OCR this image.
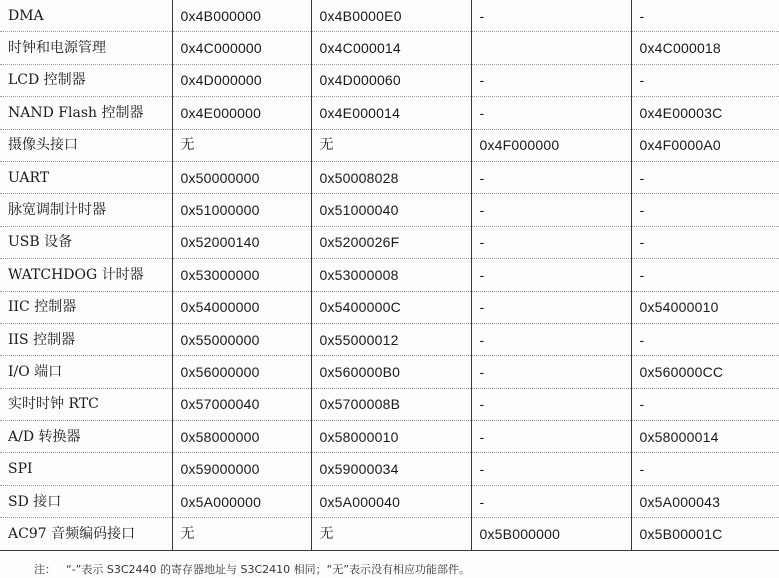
DMA	0x4B000000	0x4B0000E0	-	-
时钟和电源管理	0x4C000000	0x4C000014		0x4C000018
LCD 控制器	0x4D000000	0x4D000060	-	-
NAND Flash 控制器	0x4E000000	0x4E000014	-	0x4E00003C
摄像头接口	无	无	0x4F000000	0x4F0000A0
UART	0x50000000	0x50008028	-	-
脉宽调制计时器	0x51000000	0x51000040	-	-
USB 设备	0x52000140	0x5200026F	-	-
WATCHDOG 计时器	0x53000000	0x53000008	-	-
IIC 控制器	0x54000000	0x5400000C	-	0x54000010
IIS 控制器	0x55000000	0x55000012	-	-
I/O 端口	0x56000000	0x560000B0	-	0x560000CC
实时时钟 RTC	0x57000040	0x5700008B	-	-
A/D 转换器	0x58000000	0x58000010	-	0x58000014
SPI	0x59000000	0x59000034	-	-
SD 接口	0x5A000000	0x5A000040	-	0x5A000043
AC97 音频编码接口	无	无	0x5B000000	0x5B00001C
注： “-”表示 S3C2440 的寄存器地址与 S3C2410 相同；“无”表示没有相应功能部件。
